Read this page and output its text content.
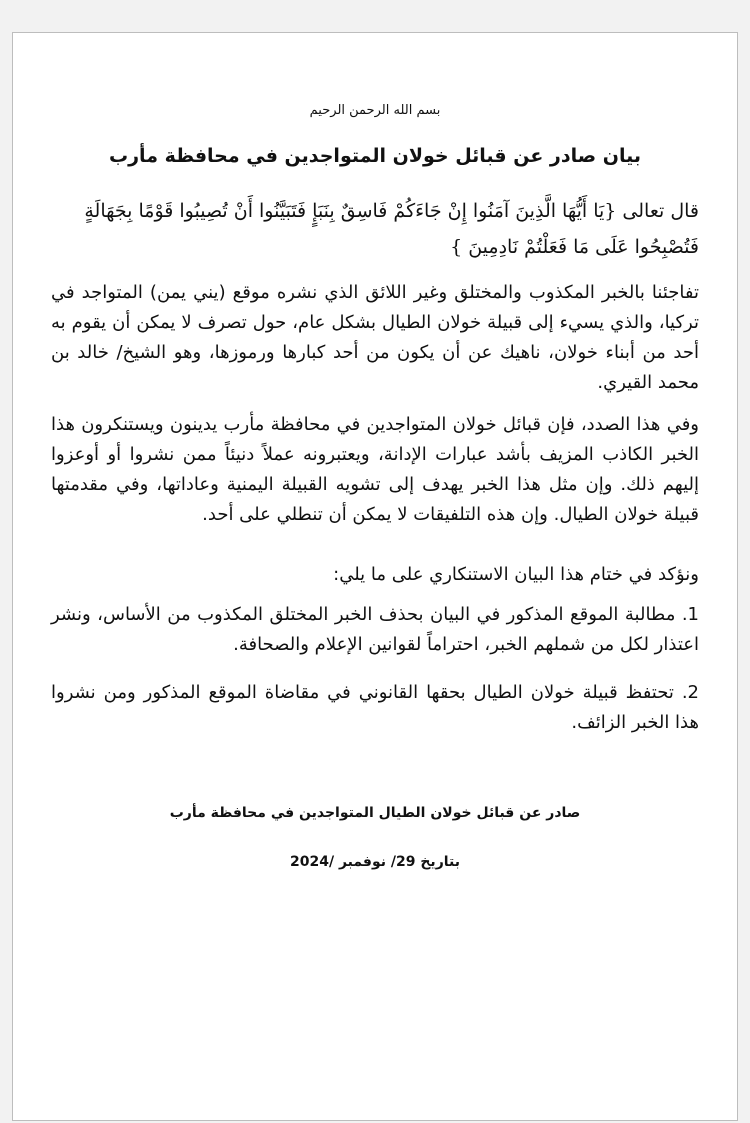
بسم الله الرحمن الرحيم
بيان صادر عن قبائل خولان المتواجدين في محافظة مأرب
قال تعالى {يَا أَيُّهَا الَّذِينَ آمَنُوا إِنْ جَاءَكُمْ فَاسِقٌ بِنَبَإٍ فَتَبَيَّنُوا أَنْ تُصِيبُوا قَوْمًا بِجَهَالَةٍ فَتُصْبِحُوا عَلَى مَا فَعَلْتُمْ نَادِمِينَ }
تفاجئنا بالخبر المكذوب والمختلق وغير اللائق الذي نشره موقع (يني يمن) المتواجد في تركيا، والذي يسيء إلى قبيلة خولان الطيال بشكل عام، حول تصرف لا يمكن أن يقوم به أحد من أبناء خولان، ناهيك عن أن يكون من أحد كبارها ورموزها، وهو الشيخ/ خالد بن محمد القيري.
وفي هذا الصدد، فإن قبائل خولان المتواجدين في محافظة مأرب يدينون ويستنكرون هذا الخبر الكاذب المزيف بأشد عبارات الإدانة، ويعتبرونه عملاً دنيئاً ممن نشروا أو أوعزوا إليهم ذلك. وإن مثل هذا الخبر يهدف إلى تشويه القبيلة اليمنية وعاداتها، وفي مقدمتها قبيلة خولان الطيال. وإن هذه التلفيقات لا يمكن أن تنطلي على أحد.
ونؤكد في ختام هذا البيان الاستنكاري على ما يلي:
1. مطالبة الموقع المذكور في البيان بحذف الخبر المختلق المكذوب من الأساس، ونشر اعتذار لكل من شملهم الخبر، احتراماً لقوانين الإعلام والصحافة.
2. تحتفظ قبيلة خولان الطيال بحقها القانوني في مقاضاة الموقع المذكور ومن نشروا هذا الخبر الزائف.
صادر عن قبائل خولان الطيال المتواجدين في محافظة مأرب
بتاريخ 29/ نوفمبر /2024
